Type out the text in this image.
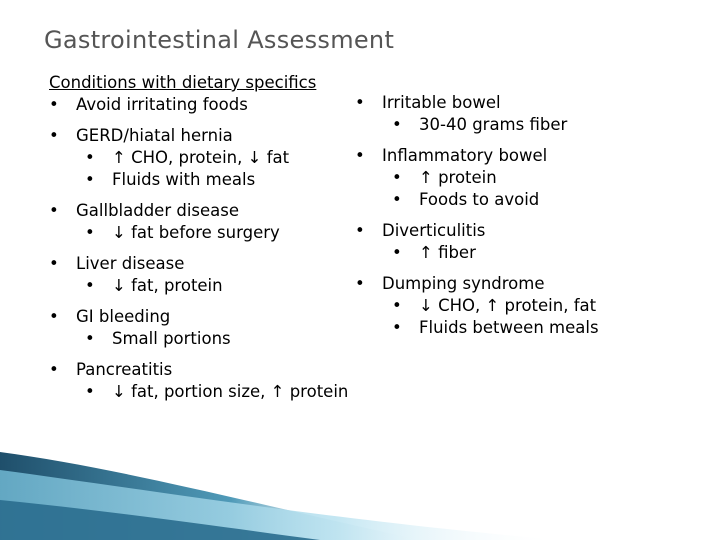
Gastrointestinal Assessment
Conditions with dietary specifics
•	Avoid irritating foods
•	GERD/hiatal hernia
•	↑ CHO, protein, ↓ fat
•	Fluids with meals
•	Gallbladder disease
•	↓ fat before surgery
•	Liver disease
•	↓ fat, protein
•	GI bleeding
•	Small portions
•	Pancreatitis
•	↓ fat, portion size, ↑ protein
•	Irritable bowel
•	30-40 grams fiber
•	Inflammatory bowel
•	↑ protein
•	Foods to avoid
•	Diverticulitis
•	↑ fiber
•	Dumping syndrome
•	↓ CHO, ↑ protein, fat
•	Fluids between meals
